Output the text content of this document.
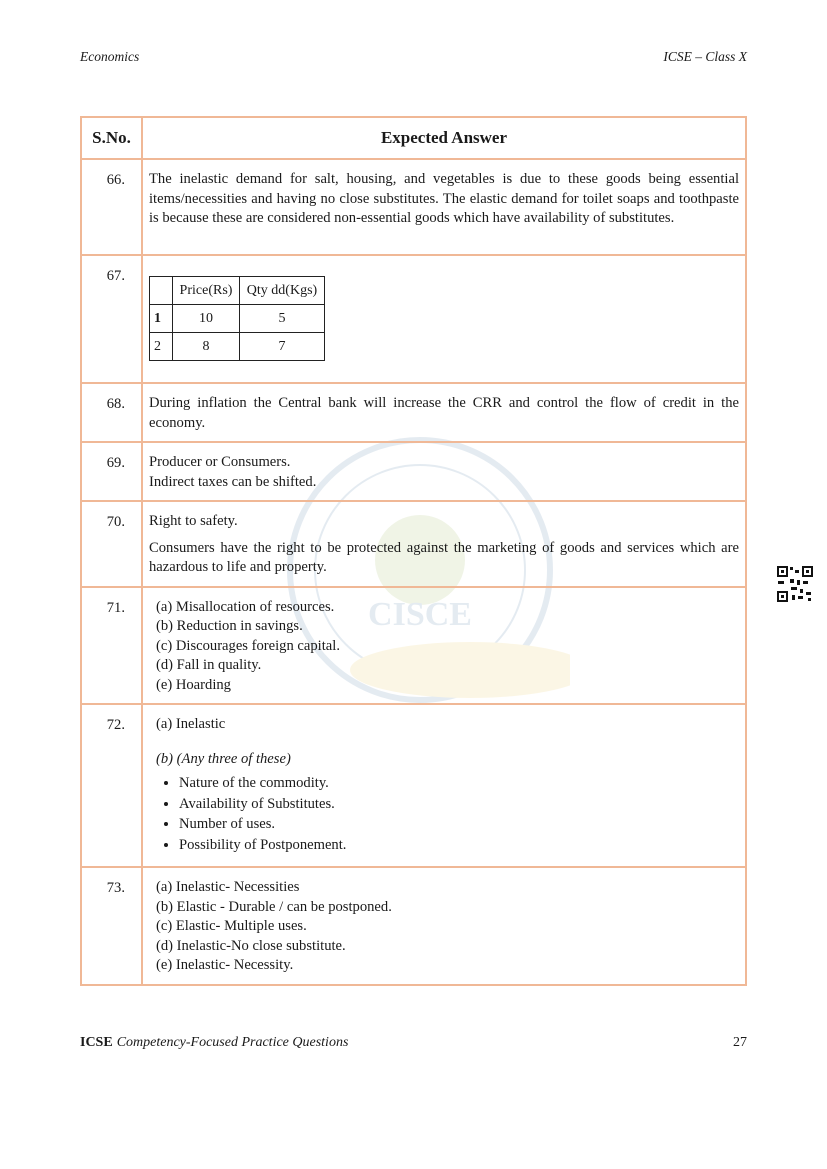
Economics	ICSE – Class X
CISCE
S.No.	Expected Answer
66.	The inelastic demand for salt, housing, and vegetables is due to these goods being essential items/necessities and having no close substitutes. The elastic demand for toilet soaps and toothpaste is because these are considered non-essential goods which have availability of substitutes.
67.	
	Price(Rs)	Qty dd(Kgs)
1	10	5
2	8	7

68.	During inflation the Central bank will increase the CRR and control the flow of credit in the economy.
69.	Producer or Consumers.
Indirect taxes can be shifted.

70.	Right to safety.
Consumers have the right to be protected against the marketing of goods and services which are hazardous to life and property.

71.	(a) Misallocation of resources.
(b) Reduction in savings.
(c) Discourages foreign capital.
(d) Fall in quality.
(e) Hoarding

72.	(a) Inelastic
(b) (Any three of these)
• Nature of the commodity.
• Availability of Substitutes.
• Number of uses.
• Possibility of Postponement.

73.	(a) Inelastic- Necessities
(b) Elastic - Durable / can be postponed.
(c) Elastic- Multiple uses.
(d) Inelastic-No close substitute.
(e) Inelastic- Necessity.
ICSE Competency-Focused Practice Questions	27
